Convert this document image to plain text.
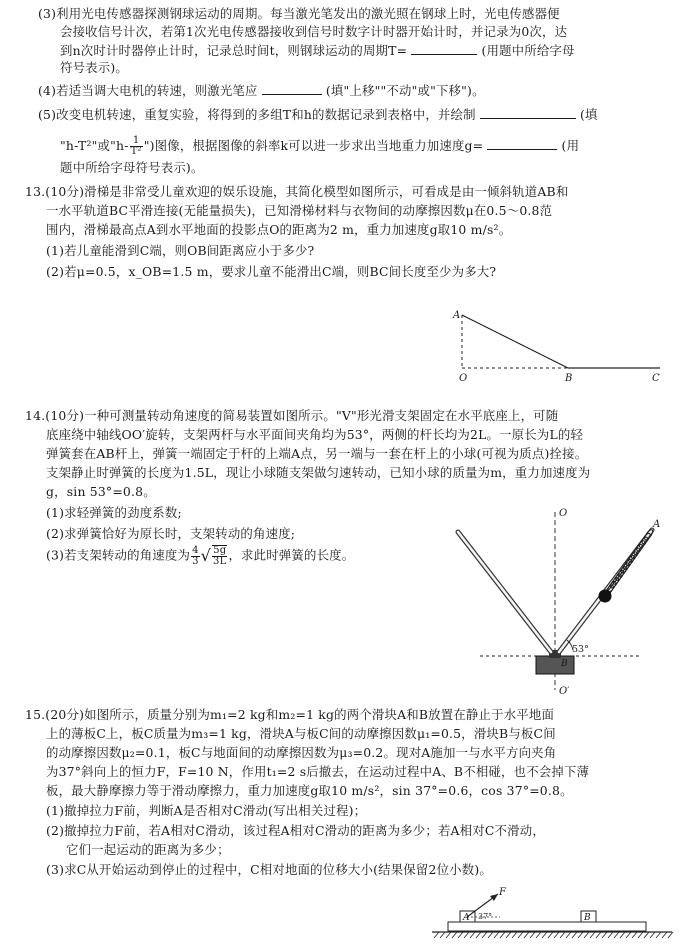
(3)利用光电传感器探测钢球运动的周期。每当激光笔发出的激光照在钢球上时，光电传感器便
会接收信号计次，若第1次光电传感器接收到信号时数字计时器开始计时，并记录为0次，达
到n次时计时器停止计时，记录总时间t，则钢球运动的周期T=	(用题中所给字母
符号表示)。
(4)若适当调大电机的转速，则激光笔应	(填"上移""不动"或"下移")。
(5)改变电机转速，重复实验，将得到的多组T和h的数据记录到表格中，并绘制	(填
"h-T²"或"$h- \frac{1}{\text{T²}}$ ")图像，根据图像的斜率k可以进一步求出当地重力加速度g=	(用
题中所给字母符号表示)。
13.(10分)滑梯是非常受儿童欢迎的娱乐设施，其简化模型如图所示，可看成是由一倾斜轨道AB和
一水平轨道BC平滑连接(无能量损失)，已知滑梯材料与衣物间的动摩擦因数μ在0.5～0.8范
围内，滑梯最高点A到水平地面的投影点O的距离为2 m，重力加速度g取10 m/s²。
(1)若儿童能滑到C端，则OB间距离应小于多少?
(2)若μ=0.5，x_OB=1.5 m，要求儿童不能滑出C端，则BC间长度至少为多大?
A
O	B	C
14.(10分)一种可测量转动角速度的简易装置如图所示。"V"形光滑支架固定在水平底座上，可随
底座绕中轴线OO′旋转，支架两杆与水平面间夹角均为53°，两侧的杆长均为2L。一原长为L的轻
弹簧套在AB杆上，弹簧一端固定于杆的上端A点，另一端与一套在杆上的小球(可视为质点)拴接。
支架静止时弹簧的长度为1.5L，现让小球随支架做匀速转动，已知小球的质量为m，重力加速度为
g，sin 53°=0.8。
(1)求轻弹簧的劲度系数;
(2)求弹簧恰好为原长时，支架转动的角速度;
(3)若支架转动的角速度为 $\frac{4}{3}$ √ $\frac{5g}{3L}$ ，求此时弹簧的长度。
O
O′
A
B
53°
15.(20分)如图所示，质量分别为m₁=2 kg和m₂=1 kg的两个滑块A和B放置在静止于水平地面
上的薄板C上，板C质量为m₃=1 kg，滑块A与板C间的动摩擦因数μ₁=0.5，滑块B与板C间
的动摩擦因数μ₂=0.1，板C与地面间的动摩擦因数为μ₃=0.2。现对A施加一与水平方向夹角
为37°斜向上的恒力F，F=10 N，作用t₁=2 s后撤去，在运动过程中A、B不相碰，也不会掉下薄
板，最大静摩擦力等于滑动摩擦力，重力加速度g取10 m/s²，sin 37°=0.6，cos 37°=0.8。
(1)撤掉拉力F前，判断A是否相对C滑动(写出相关过程)；
(2)撤掉拉力F前，若A相对C滑动，该过程A相对C滑动的距离为多少；若A相对C不滑动，
它们一起运动的距离为多少；
(3)求C从开始运动到停止的过程中，C相对地面的位移大小(结果保留2位小数)。
F
37°
A	B
